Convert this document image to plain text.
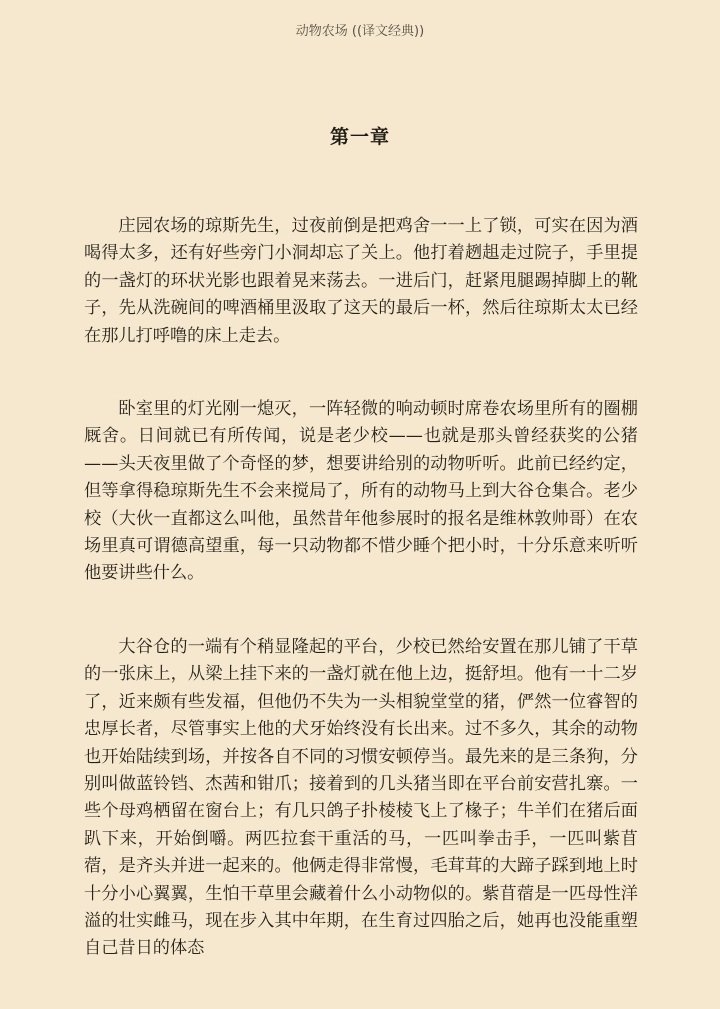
动物农场 ((译文经典))
第一章

庄园农场的琼斯先生，过夜前倒是把鸡舍一一上了锁，可实在因为酒喝得太多，还有好些旁门小洞却忘了关上。他打着趔趄走过院子，手里提的一盏灯的环状光影也跟着晃来荡去。一进后门，赶紧甩腿踢掉脚上的靴子，先从洗碗间的啤酒桶里汲取了这天的最后一杯，然后往琼斯太太已经在那儿打呼噜的床上走去。

卧室里的灯光刚一熄灭，一阵轻微的响动顿时席卷农场里所有的圈棚厩舍。日间就已有所传闻，说是老少校——也就是那头曾经获奖的公猪——头天夜里做了个奇怪的梦，想要讲给别的动物听听。此前已经约定，但等拿得稳琼斯先生不会来搅局了，所有的动物马上到大谷仓集合。老少校（大伙一直都这么叫他，虽然昔年他参展时的报名是维林敦帅哥）在农场里真可谓德高望重，每一只动物都不惜少睡个把小时，十分乐意来听听他要讲些什么。

大谷仓的一端有个稍显隆起的平台，少校已然给安置在那儿铺了干草的一张床上，从梁上挂下来的一盏灯就在他上边，挺舒坦。他有一十二岁了，近来颇有些发福，但他仍不失为一头相貌堂堂的猪，俨然一位睿智的忠厚长者，尽管事实上他的犬牙始终没有长出来。过不多久，其余的动物也开始陆续到场，并按各自不同的习惯安顿停当。最先来的是三条狗，分别叫做蓝铃铛、杰茜和钳爪；接着到的几头猪当即在平台前安营扎寨。一些个母鸡栖留在窗台上；有几只鸽子扑棱棱飞上了椽子；牛羊们在猪后面趴下来，开始倒嚼。两匹拉套干重活的马，一匹叫拳击手，一匹叫紫苜蓿，是齐头并进一起来的。他俩走得非常慢，毛茸茸的大蹄子踩到地上时十分小心翼翼，生怕干草里会藏着什么小动物似的。紫苜蓿是一匹母性洋溢的壮实雌马，现在步入其中年期，在生育过四胎之后，她再也没能重塑自己昔日的体态
